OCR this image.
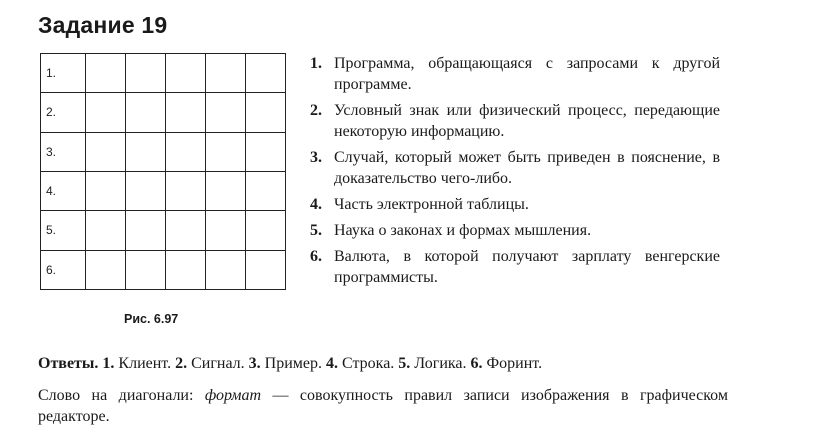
Задание 19
1.					
2.					
3.					
4.					
5.					
6.					
Рис. 6.97
1. Программа, обращающаяся с запросами к другой программе.
2. Условный знак или физический процесс, передающие некоторую информацию.
3. Случай, который может быть приведен в пояснение, в доказательство чего-либо.
4. Часть электронной таблицы.
5. Наука о законах и формах мышления.
6. Валюта, в которой получают зарплату венгерские программисты.
Ответы. 1. Клиент. 2. Сигнал. 3. Пример. 4. Строка. 5. Логика. 6. Форинт.
Слово на диагонали: формат — совокупность правил записи изображения в графическом редакторе.
